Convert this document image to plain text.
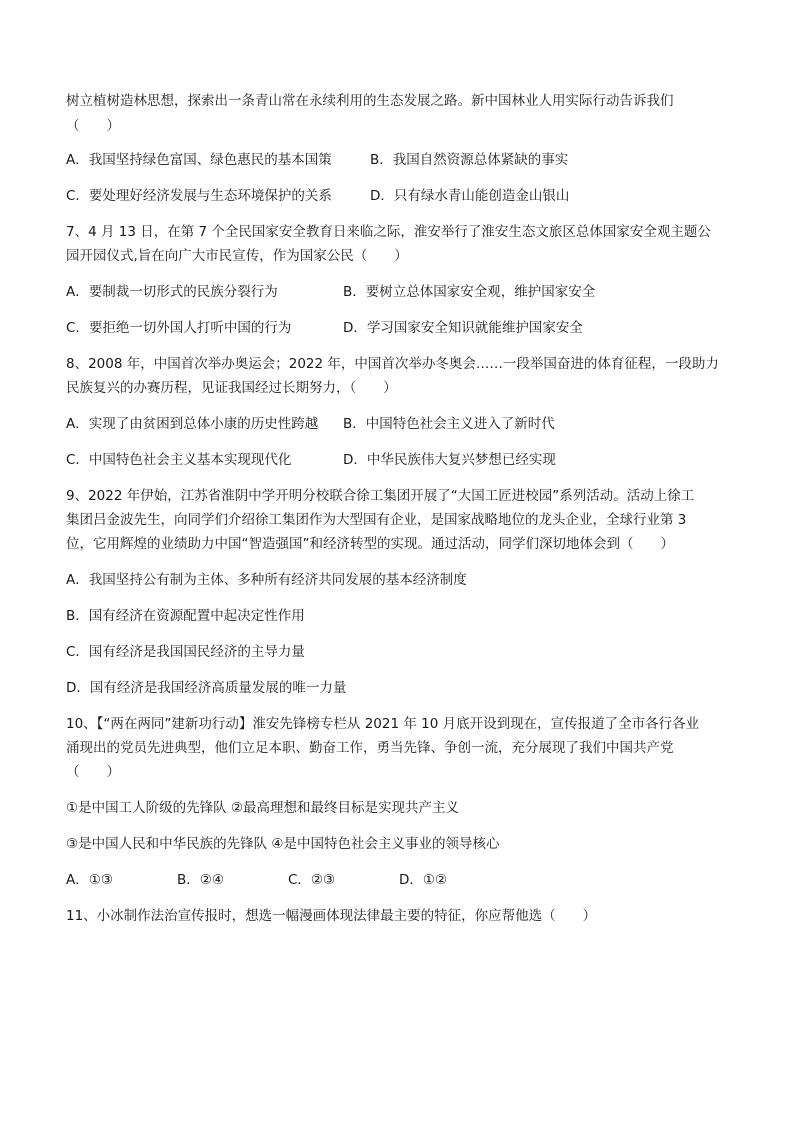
树立植树造林思想，探索出一条青山常在永续利用的生态发展之路。新中国林业人用实际行动告诉我们
（　　）
A．我国坚持绿色富国、绿色惠民的基本国策	B．我国自然资源总体紧缺的事实
C．要处理好经济发展与生态环境保护的关系	D．只有绿水青山能创造金山银山
7、4 月 13 日，在第 7 个全民国家安全教育日来临之际，淮安举行了淮安生态文旅区总体国家安全观主题公
园开园仪式,旨在向广大市民宣传，作为国家公民（　　）
A．要制裁一切形式的民族分裂行为	B．要树立总体国家安全观，维护国家安全
C．要拒绝一切外国人打听中国的行为	D．学习国家安全知识就能维护国家安全
8、2008 年，中国首次举办奥运会；2022 年，中国首次举办冬奥会……一段举国奋进的体育征程，一段助力
民族复兴的办赛历程，见证我国经过长期努力，（　　）
A．实现了由贫困到总体小康的历史性跨越 B．中国特色社会主义进入了新时代
C．中国特色社会主义基本实现现代化	D．中华民族伟大复兴梦想已经实现
9、2022 年伊始，江苏省淮阴中学开明分校联合徐工集团开展了“大国工匠进校园”系列活动。活动上徐工
集团吕金波先生，向同学们介绍徐工集团作为大型国有企业，是国家战略地位的龙头企业，全球行业第 3
位，它用辉煌的业绩助力中国“智造强国”和经济转型的实现。通过活动，同学们深切地体会到（　　）
A．我国坚持公有制为主体、多种所有经济共同发展的基本经济制度
B．国有经济在资源配置中起决定性作用
C．国有经济是我国国民经济的主导力量
D．国有经济是我国经济高质量发展的唯一力量
10、【“两在两同”建新功行动】淮安先锋榜专栏从 2021 年 10 月底开设到现在，宣传报道了全市各行各业
涌现出的党员先进典型，他们立足本职、勤奋工作，勇当先锋、争创一流，充分展现了我们中国共产党
（　　）
①是中国工人阶级的先锋队 ②最高理想和最终目标是实现共产主义
③是中国人民和中华民族的先锋队 ④是中国特色社会主义事业的领导核心
A．①③	B．②④	C．②③	D．①②
11、小冰制作法治宣传报时，想选一幅漫画体现法律最主要的特征，你应帮他选（　　）
